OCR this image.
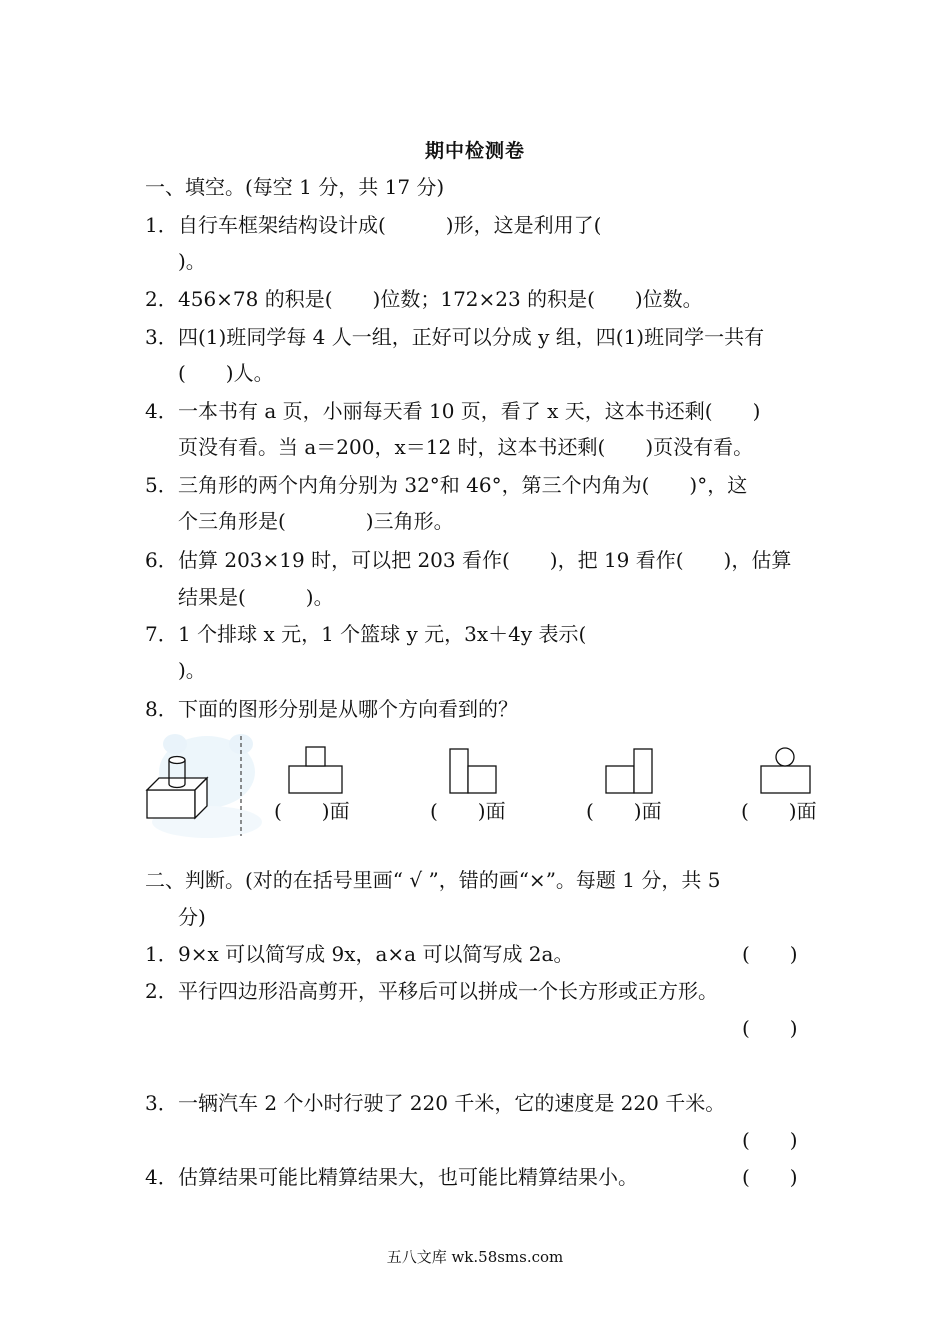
期中检测卷
一、填空。(每空 1 分，共 17 分)
1．自行车框架结构设计成(　　　)形，这是利用了(
)。
2．456×78 的积是(　　)位数；172×23 的积是(　　)位数。
3．四(1)班同学每 4 人一组，正好可以分成 y 组，四(1)班同学一共有
(　　)人。
4．一本书有 a 页，小丽每天看 10 页，看了 x 天，这本书还剩(　　)
页没有看。当 a＝200，x＝12 时，这本书还剩(　　)页没有看。
5．三角形的两个内角分别为 32°和 46°，第三个内角为(　　)°，这
个三角形是(　　　　)三角形。
6．估算 203×19 时，可以把 203 看作(　　)，把 19 看作(　　)，估算
结果是(　　　)。
7．1 个排球 x 元，1 个篮球 y 元，3x＋4y 表示(
)。
8．下面的图形分别是从哪个方向看到的？
(　　)面	(　　)面	(　　)面	(　　)面
二、判断。(对的在括号里画“ √ ”，错的画“×”。每题 1 分，共 5
分)
1．9×x 可以简写成 9x，a×a 可以简写成 2a。	(　　)
2．平行四边形沿高剪开，平移后可以拼成一个长方形或正方形。
(　　)
3．一辆汽车 2 个小时行驶了 220 千米，它的速度是 220 千米。
(　　)
4．估算结果可能比精算结果大，也可能比精算结果小。	(　　)
五八文库 wk.58sms.com
